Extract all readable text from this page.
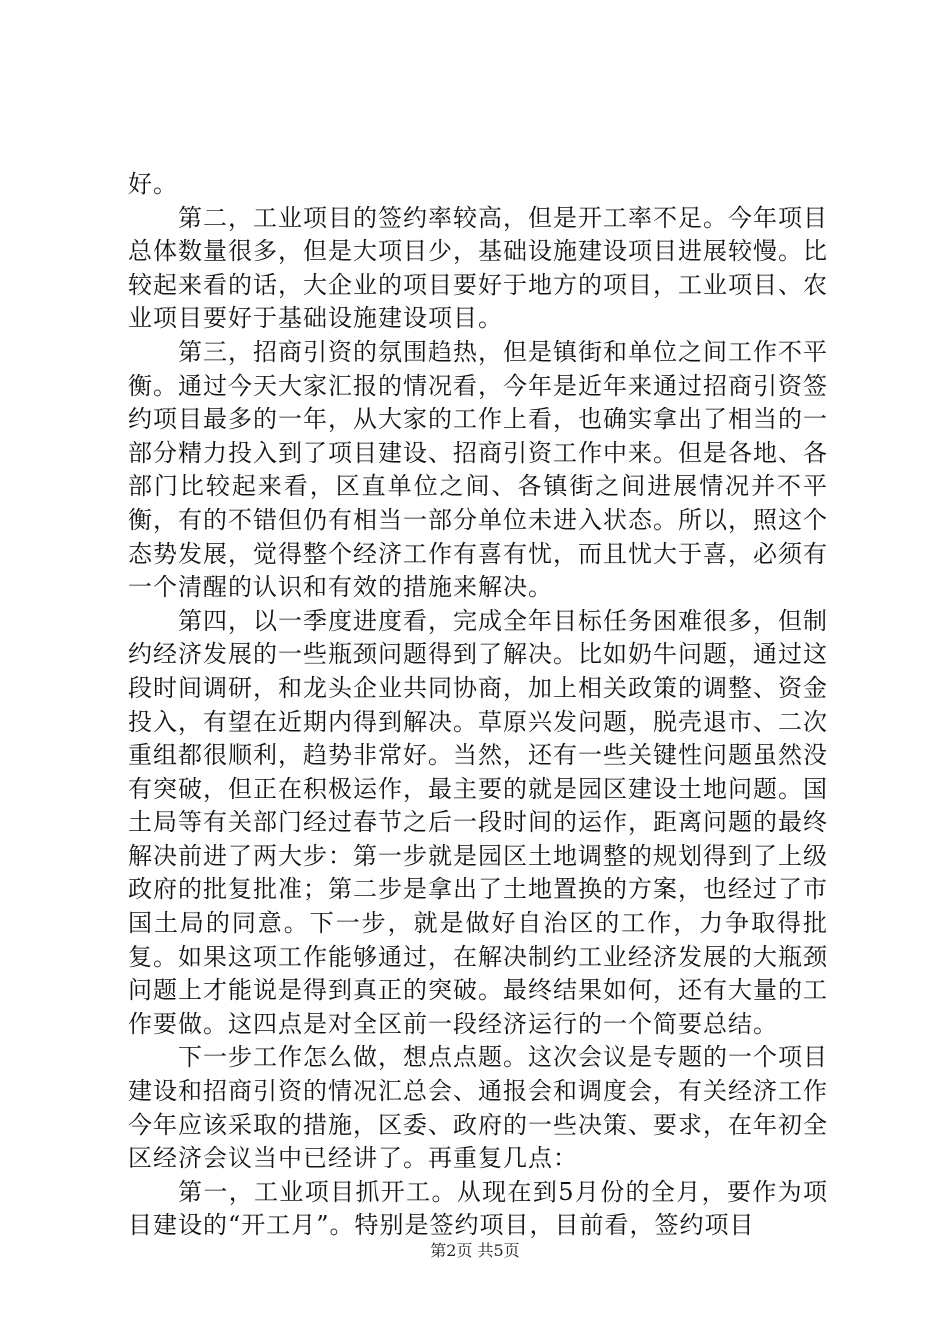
好。

第二，工业项目的签约率较高，但是开工率不足。今年项目总体数量很多，但是大项目少，基础设施建设项目进展较慢。比较起来看的话，大企业的项目要好于地方的项目，工业项目、农业项目要好于基础设施建设项目。

第三，招商引资的氛围趋热，但是镇街和单位之间工作不平衡。通过今天大家汇报的情况看，今年是近年来通过招商引资签约项目最多的一年，从大家的工作上看，也确实拿出了相当的一部分精力投入到了项目建设、招商引资工作中来。但是各地、各部门比较起来看，区直单位之间、各镇街之间进展情况并不平衡，有的不错但仍有相当一部分单位未进入状态。所以，照这个态势发展，觉得整个经济工作有喜有忧，而且忧大于喜，必须有一个清醒的认识和有效的措施来解决。

第四，以一季度进度看，完成全年目标任务困难很多，但制约经济发展的一些瓶颈问题得到了解决。比如奶牛问题，通过这段时间调研，和龙头企业共同协商，加上相关政策的调整、资金投入，有望在近期内得到解决。草原兴发问题，脱壳退市、二次重组都很顺利，趋势非常好。当然，还有一些关键性问题虽然没有突破，但正在积极运作，最主要的就是园区建设土地问题。国土局等有关部门经过春节之后一段时间的运作，距离问题的最终解决前进了两大步：第一步就是园区土地调整的规划得到了上级政府的批复批准；第二步是拿出了土地置换的方案，也经过了市国土局的同意。下一步，就是做好自治区的工作，力争取得批复。如果这项工作能够通过，在解决制约工业经济发展的大瓶颈问题上才能说是得到真正的突破。最终结果如何，还有大量的工作要做。这四点是对全区前一段经济运行的一个简要总结。

下一步工作怎么做，想点点题。这次会议是专题的一个项目建设和招商引资的情况汇总会、通报会和调度会，有关经济工作今年应该采取的措施，区委、政府的一些决策、要求，在年初全区经济会议当中已经讲了。再重复几点：

第一，工业项目抓开工。从现在到5月份的全月，要作为项目建设的“开工月”。特别是签约项目，目前看，签约项目

第2页 共5页
